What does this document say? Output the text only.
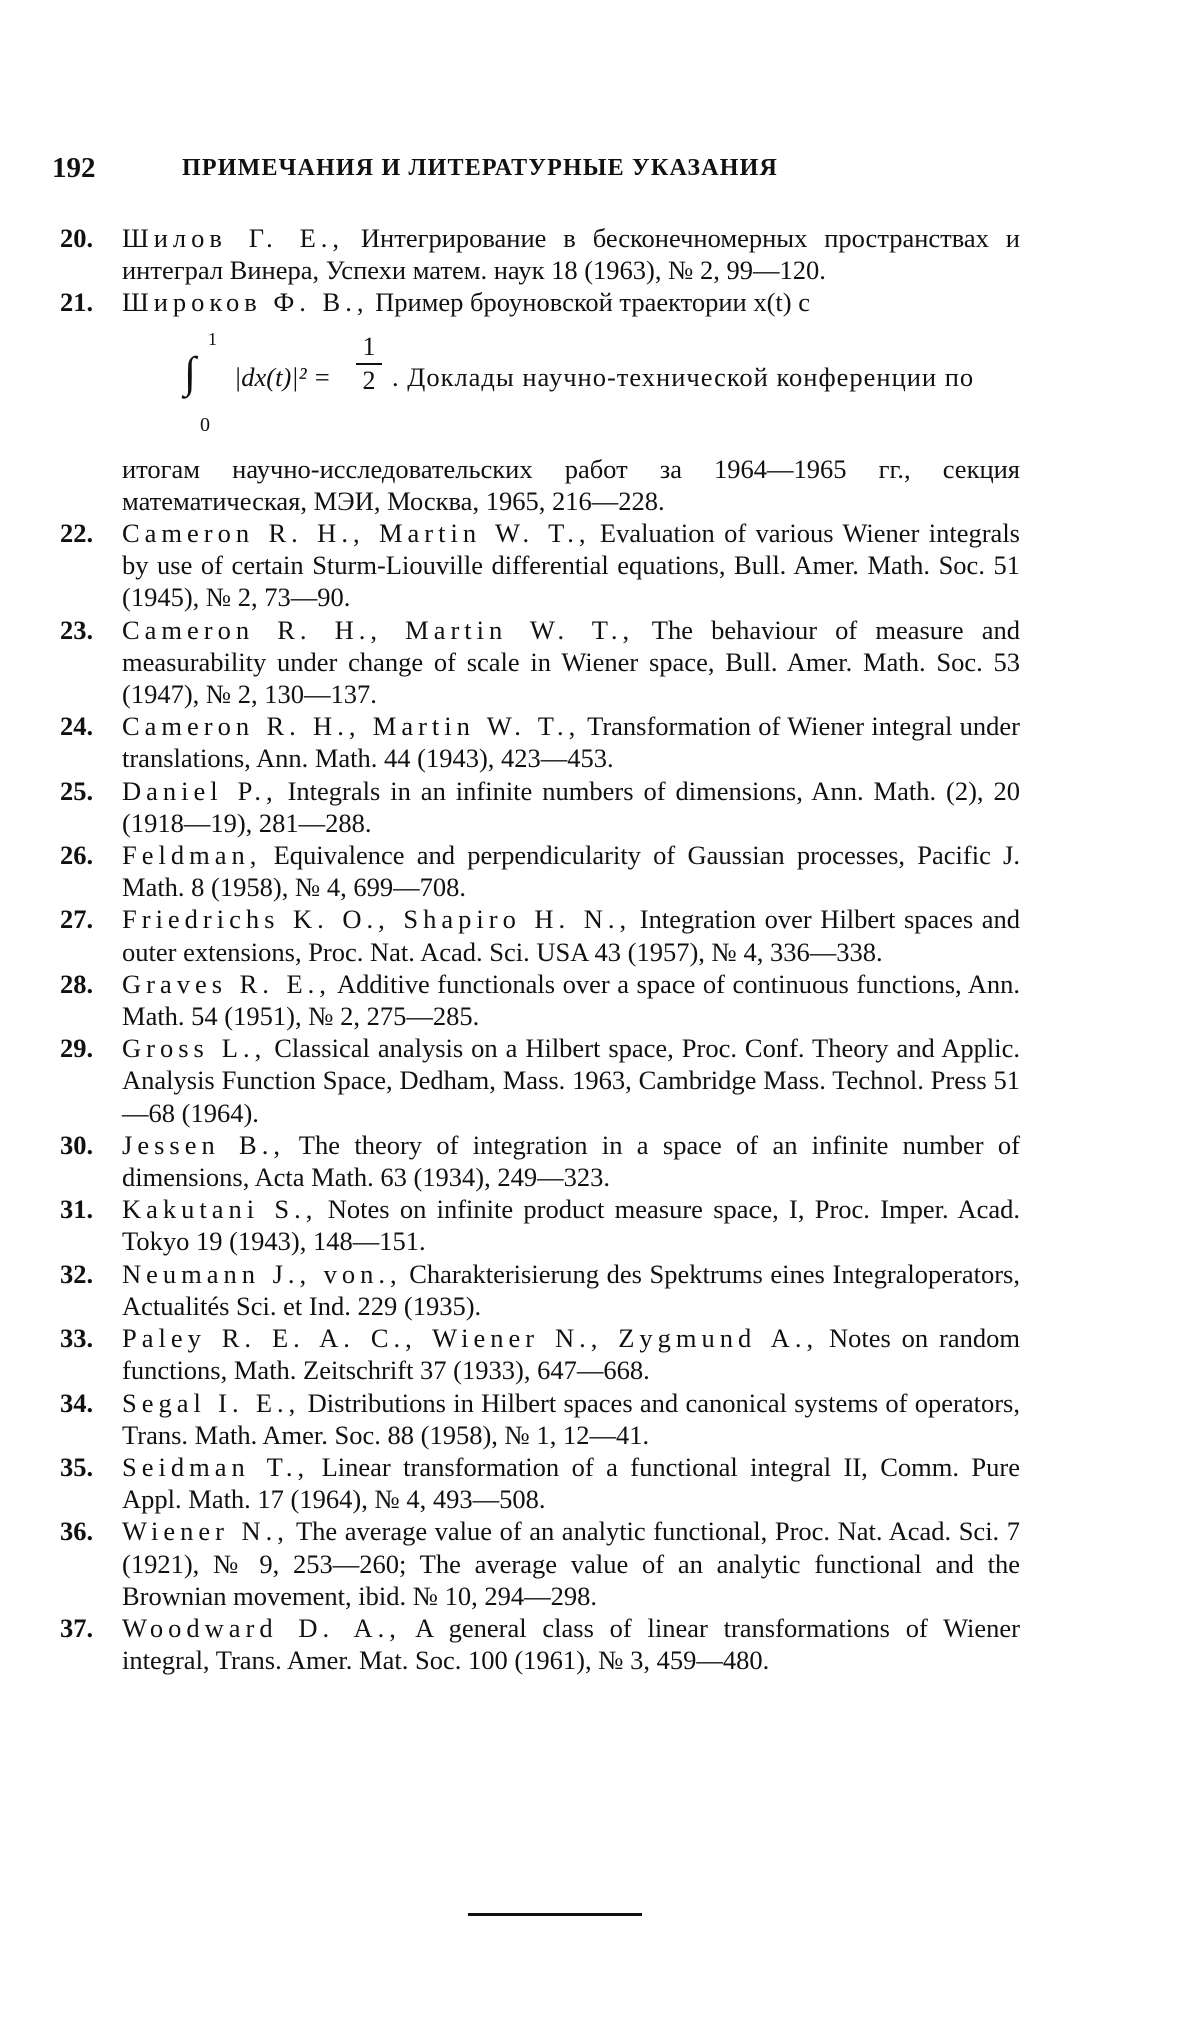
192	ПРИМЕЧАНИЯ И ЛИТЕРАТУРНЫЕ УКАЗАНИЯ
20. Шилов Г. Е., Интегрирование в бесконечномерных пространствах и интеграл Винера, Успехи матем. наук 18 (1963), № 2, 99—120.
21. Широков Ф. В., Пример броуновской траектории x(t) с
1
∫
0
|dx(t)|² =
1
2 . Доклады научно-технической конференции по
итогам научно-исследовательских работ за 1964—1965 гг., секция математическая, МЭИ, Москва, 1965, 216—228.
22. Cameron R. H., Martin W. T., Evaluation of various Wiener integrals by use of certain Sturm-Liouville differential equations, Bull. Amer. Math. Soc. 51 (1945), № 2, 73—90.
23. Cameron R. H., Martin W. T., The behaviour of measure and measurability under change of scale in Wiener space, Bull. Amer. Math. Soc. 53 (1947), № 2, 130—137.
24. Cameron R. H., Martin W. T., Transformation of Wiener integral under translations, Ann. Math. 44 (1943), 423—453.
25. Daniel P., Integrals in an infinite numbers of dimensions, Ann. Math. (2), 20 (1918—19), 281—288.
26. Feldman, Equivalence and perpendicularity of Gaussian processes, Pacific J. Math. 8 (1958), № 4, 699—708.
27. Friedrichs K. O., Shapiro H. N., Integration over Hilbert spaces and outer extensions, Proc. Nat. Acad. Sci. USA 43 (1957), № 4, 336—338.
28. Graves R. E., Additive functionals over a space of continuous functions, Ann. Math. 54 (1951), № 2, 275—285.
29. Gross L., Classical analysis on a Hilbert space, Proc. Conf. Theory and Applic. Analysis Function Space, Dedham, Mass. 1963, Cambridge Mass. Technol. Press 51—68 (1964).
30. Jessen B., The theory of integration in a space of an infinite number of dimensions, Acta Math. 63 (1934), 249—323.
31. Kakutani S., Notes on infinite product measure space, I, Proc. Imper. Acad. Tokyo 19 (1943), 148—151.
32. Neumann J., von., Charakterisierung des Spektrums eines Integraloperators, Actualités Sci. et Ind. 229 (1935).
33. Paley R. E. A. C., Wiener N., Zygmund A., Notes on random functions, Math. Zeitschrift 37 (1933), 647—668.
34. Segal I. E., Distributions in Hilbert spaces and canonical systems of operators, Trans. Math. Amer. Soc. 88 (1958), № 1, 12—41.
35. Seidman T., Linear transformation of a functional integral II, Comm. Pure Appl. Math. 17 (1964), № 4, 493—508.
36. Wiener N., The average value of an analytic functional, Proc. Nat. Acad. Sci. 7 (1921), № 9, 253—260; The average value of an analytic functional and the Brownian movement, ibid. № 10, 294—298.
37. Woodward D. A., A general class of linear transformations of Wiener integral, Trans. Amer. Mat. Soc. 100 (1961), № 3, 459—480.
